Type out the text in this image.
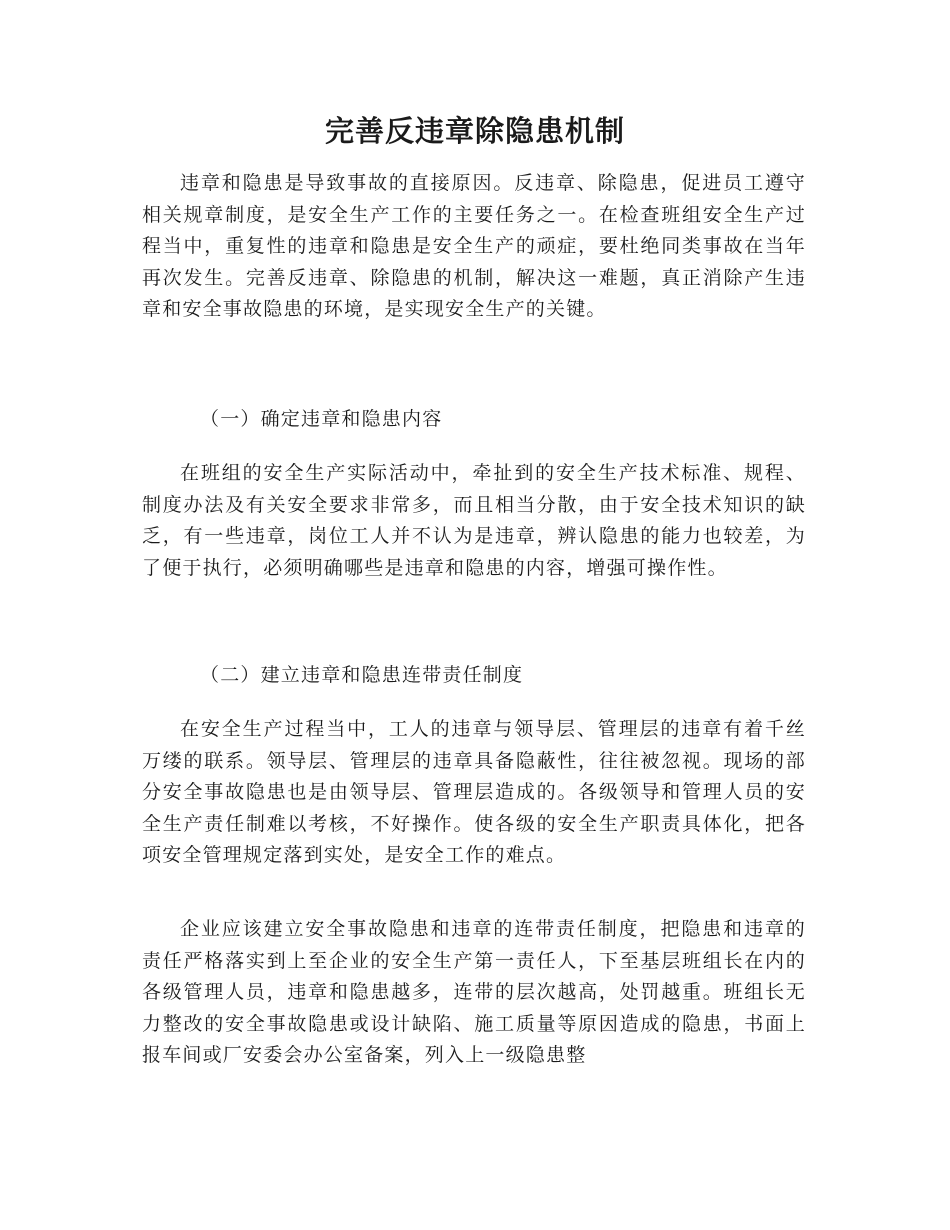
完善反违章除隐患机制

违章和隐患是导致事故的直接原因。反违章、除隐患，促进员工遵守相关规章制度，是安全生产工作的主要任务之一。在检查班组安全生产过程当中，重复性的违章和隐患是安全生产的顽症，要杜绝同类事故在当年再次发生。完善反违章、除隐患的机制，解决这一难题，真正消除产生违章和安全事故隐患的环境，是实现安全生产的关键。

（一）确定违章和隐患内容

在班组的安全生产实际活动中，牵扯到的安全生产技术标准、规程、制度办法及有关安全要求非常多，而且相当分散，由于安全技术知识的缺乏，有一些违章，岗位工人并不认为是违章，辨认隐患的能力也较差，为了便于执行，必须明确哪些是违章和隐患的内容，增强可操作性。

（二）建立违章和隐患连带责任制度

在安全生产过程当中，工人的违章与领导层、管理层的违章有着千丝万缕的联系。领导层、管理层的违章具备隐蔽性，往往被忽视。现场的部分安全事故隐患也是由领导层、管理层造成的。各级领导和管理人员的安全生产责任制难以考核，不好操作。使各级的安全生产职责具体化，把各项安全管理规定落到实处，是安全工作的难点。

企业应该建立安全事故隐患和违章的连带责任制度，把隐患和违章的责任严格落实到上至企业的安全生产第一责任人，下至基层班组长在内的各级管理人员，违章和隐患越多，连带的层次越高，处罚越重。班组长无力整改的安全事故隐患或设计缺陷、施工质量等原因造成的隐患，书面上报车间或厂安委会办公室备案，列入上一级隐患整
